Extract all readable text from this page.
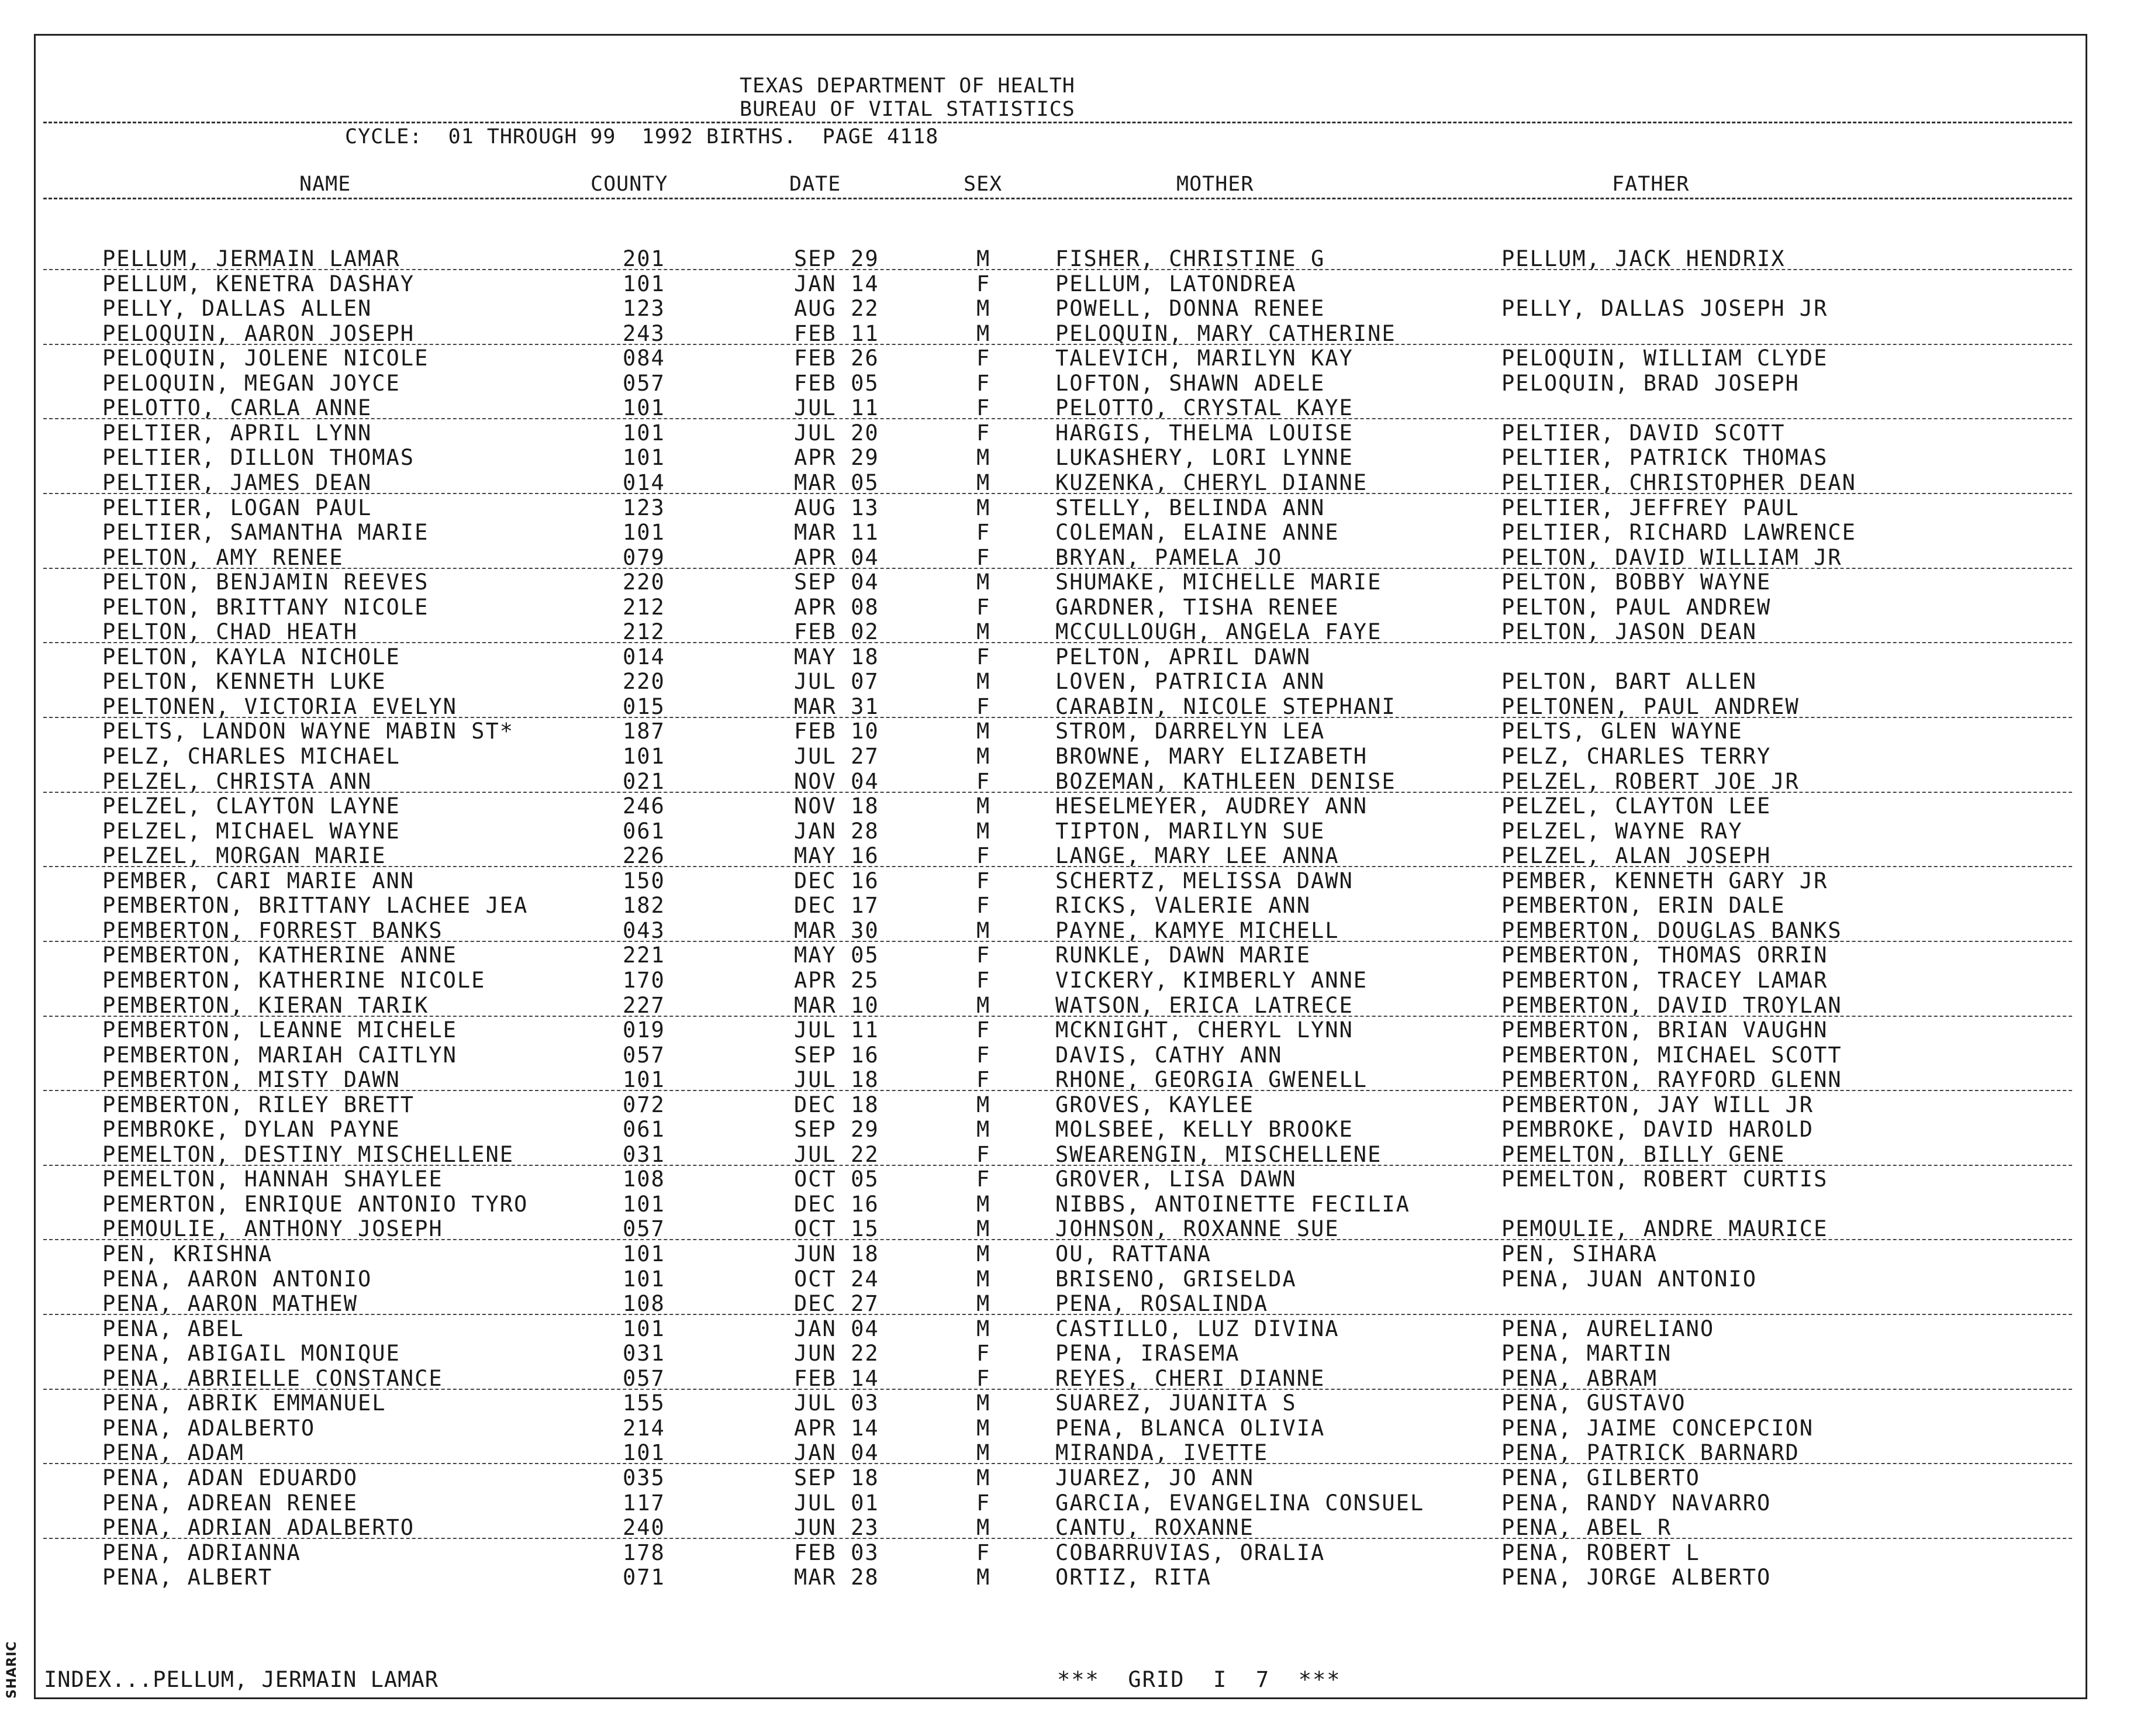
TEXAS DEPARTMENT OF HEALTH
BUREAU OF VITAL STATISTICS
CYCLE:  01 THROUGH 99  1992 BIRTHS.  PAGE 4118
NAME	COUNTY	DATE	SEX	MOTHER	FATHER
PELLUM, JERMAIN LAMAR	201	SEP 29	M	FISHER, CHRISTINE G	PELLUM, JACK HENDRIX
PELLUM, KENETRA DASHAY	101	JAN 14	F	PELLUM, LATONDREA
PELLY, DALLAS ALLEN	123	AUG 22	M	POWELL, DONNA RENEE	PELLY, DALLAS JOSEPH JR
PELOQUIN, AARON JOSEPH	243	FEB 11	M	PELOQUIN, MARY CATHERINE
PELOQUIN, JOLENE NICOLE	084	FEB 26	F	TALEVICH, MARILYN KAY	PELOQUIN, WILLIAM CLYDE
PELOQUIN, MEGAN JOYCE	057	FEB 05	F	LOFTON, SHAWN ADELE	PELOQUIN, BRAD JOSEPH
PELOTTO, CARLA ANNE	101	JUL 11	F	PELOTTO, CRYSTAL KAYE
PELTIER, APRIL LYNN	101	JUL 20	F	HARGIS, THELMA LOUISE	PELTIER, DAVID SCOTT
PELTIER, DILLON THOMAS	101	APR 29	M	LUKASHERY, LORI LYNNE	PELTIER, PATRICK THOMAS
PELTIER, JAMES DEAN	014	MAR 05	M	KUZENKA, CHERYL DIANNE	PELTIER, CHRISTOPHER DEAN
PELTIER, LOGAN PAUL	123	AUG 13	M	STELLY, BELINDA ANN	PELTIER, JEFFREY PAUL
PELTIER, SAMANTHA MARIE	101	MAR 11	F	COLEMAN, ELAINE ANNE	PELTIER, RICHARD LAWRENCE
PELTON, AMY RENEE	079	APR 04	F	BRYAN, PAMELA JO	PELTON, DAVID WILLIAM JR
PELTON, BENJAMIN REEVES	220	SEP 04	M	SHUMAKE, MICHELLE MARIE	PELTON, BOBBY WAYNE
PELTON, BRITTANY NICOLE	212	APR 08	F	GARDNER, TISHA RENEE	PELTON, PAUL ANDREW
PELTON, CHAD HEATH	212	FEB 02	M	MCCULLOUGH, ANGELA FAYE	PELTON, JASON DEAN
PELTON, KAYLA NICHOLE	014	MAY 18	F	PELTON, APRIL DAWN
PELTON, KENNETH LUKE	220	JUL 07	M	LOVEN, PATRICIA ANN	PELTON, BART ALLEN
PELTONEN, VICTORIA EVELYN	015	MAR 31	F	CARABIN, NICOLE STEPHANI	PELTONEN, PAUL ANDREW
PELTS, LANDON WAYNE MABIN ST*	187	FEB 10	M	STROM, DARRELYN LEA	PELTS, GLEN WAYNE
PELZ, CHARLES MICHAEL	101	JUL 27	M	BROWNE, MARY ELIZABETH	PELZ, CHARLES TERRY
PELZEL, CHRISTA ANN	021	NOV 04	F	BOZEMAN, KATHLEEN DENISE	PELZEL, ROBERT JOE JR
PELZEL, CLAYTON LAYNE	246	NOV 18	M	HESELMEYER, AUDREY ANN	PELZEL, CLAYTON LEE
PELZEL, MICHAEL WAYNE	061	JAN 28	M	TIPTON, MARILYN SUE	PELZEL, WAYNE RAY
PELZEL, MORGAN MARIE	226	MAY 16	F	LANGE, MARY LEE ANNA	PELZEL, ALAN JOSEPH
PEMBER, CARI MARIE ANN	150	DEC 16	F	SCHERTZ, MELISSA DAWN	PEMBER, KENNETH GARY JR
PEMBERTON, BRITTANY LACHEE JEA	182	DEC 17	F	RICKS, VALERIE ANN	PEMBERTON, ERIN DALE
PEMBERTON, FORREST BANKS	043	MAR 30	M	PAYNE, KAMYE MICHELL	PEMBERTON, DOUGLAS BANKS
PEMBERTON, KATHERINE ANNE	221	MAY 05	F	RUNKLE, DAWN MARIE	PEMBERTON, THOMAS ORRIN
PEMBERTON, KATHERINE NICOLE	170	APR 25	F	VICKERY, KIMBERLY ANNE	PEMBERTON, TRACEY LAMAR
PEMBERTON, KIERAN TARIK	227	MAR 10	M	WATSON, ERICA LATRECE	PEMBERTON, DAVID TROYLAN
PEMBERTON, LEANNE MICHELE	019	JUL 11	F	MCKNIGHT, CHERYL LYNN	PEMBERTON, BRIAN VAUGHN
PEMBERTON, MARIAH CAITLYN	057	SEP 16	F	DAVIS, CATHY ANN	PEMBERTON, MICHAEL SCOTT
PEMBERTON, MISTY DAWN	101	JUL 18	F	RHONE, GEORGIA GWENELL	PEMBERTON, RAYFORD GLENN
PEMBERTON, RILEY BRETT	072	DEC 18	M	GROVES, KAYLEE	PEMBERTON, JAY WILL JR
PEMBROKE, DYLAN PAYNE	061	SEP 29	M	MOLSBEE, KELLY BROOKE	PEMBROKE, DAVID HAROLD
PEMELTON, DESTINY MISCHELLENE	031	JUL 22	F	SWEARENGIN, MISCHELLENE	PEMELTON, BILLY GENE
PEMELTON, HANNAH SHAYLEE	108	OCT 05	F	GROVER, LISA DAWN	PEMELTON, ROBERT CURTIS
PEMERTON, ENRIQUE ANTONIO TYRO	101	DEC 16	M	NIBBS, ANTOINETTE FECILIA
PEMOULIE, ANTHONY JOSEPH	057	OCT 15	M	JOHNSON, ROXANNE SUE	PEMOULIE, ANDRE MAURICE
PEN, KRISHNA	101	JUN 18	M	OU, RATTANA	PEN, SIHARA
PENA, AARON ANTONIO	101	OCT 24	M	BRISENO, GRISELDA	PENA, JUAN ANTONIO
PENA, AARON MATHEW	108	DEC 27	M	PENA, ROSALINDA
PENA, ABEL	101	JAN 04	M	CASTILLO, LUZ DIVINA	PENA, AURELIANO
PENA, ABIGAIL MONIQUE	031	JUN 22	F	PENA, IRASEMA	PENA, MARTIN
PENA, ABRIELLE CONSTANCE	057	FEB 14	F	REYES, CHERI DIANNE	PENA, ABRAM
PENA, ABRIK EMMANUEL	155	JUL 03	M	SUAREZ, JUANITA S	PENA, GUSTAVO
PENA, ADALBERTO	214	APR 14	M	PENA, BLANCA OLIVIA	PENA, JAIME CONCEPCION
PENA, ADAM	101	JAN 04	M	MIRANDA, IVETTE	PENA, PATRICK BARNARD
PENA, ADAN EDUARDO	035	SEP 18	M	JUAREZ, JO ANN	PENA, GILBERTO
PENA, ADREAN RENEE	117	JUL 01	F	GARCIA, EVANGELINA CONSUEL	PENA, RANDY NAVARRO
PENA, ADRIAN ADALBERTO	240	JUN 23	M	CANTU, ROXANNE	PENA, ABEL R
PENA, ADRIANNA	178	FEB 03	F	COBARRUVIAS, ORALIA	PENA, ROBERT L
PENA, ALBERT	071	MAR 28	M	ORTIZ, RITA	PENA, JORGE ALBERTO
INDEX...PELLUM, JERMAIN LAMAR	***  GRID  I  7  ***
SHARIC
